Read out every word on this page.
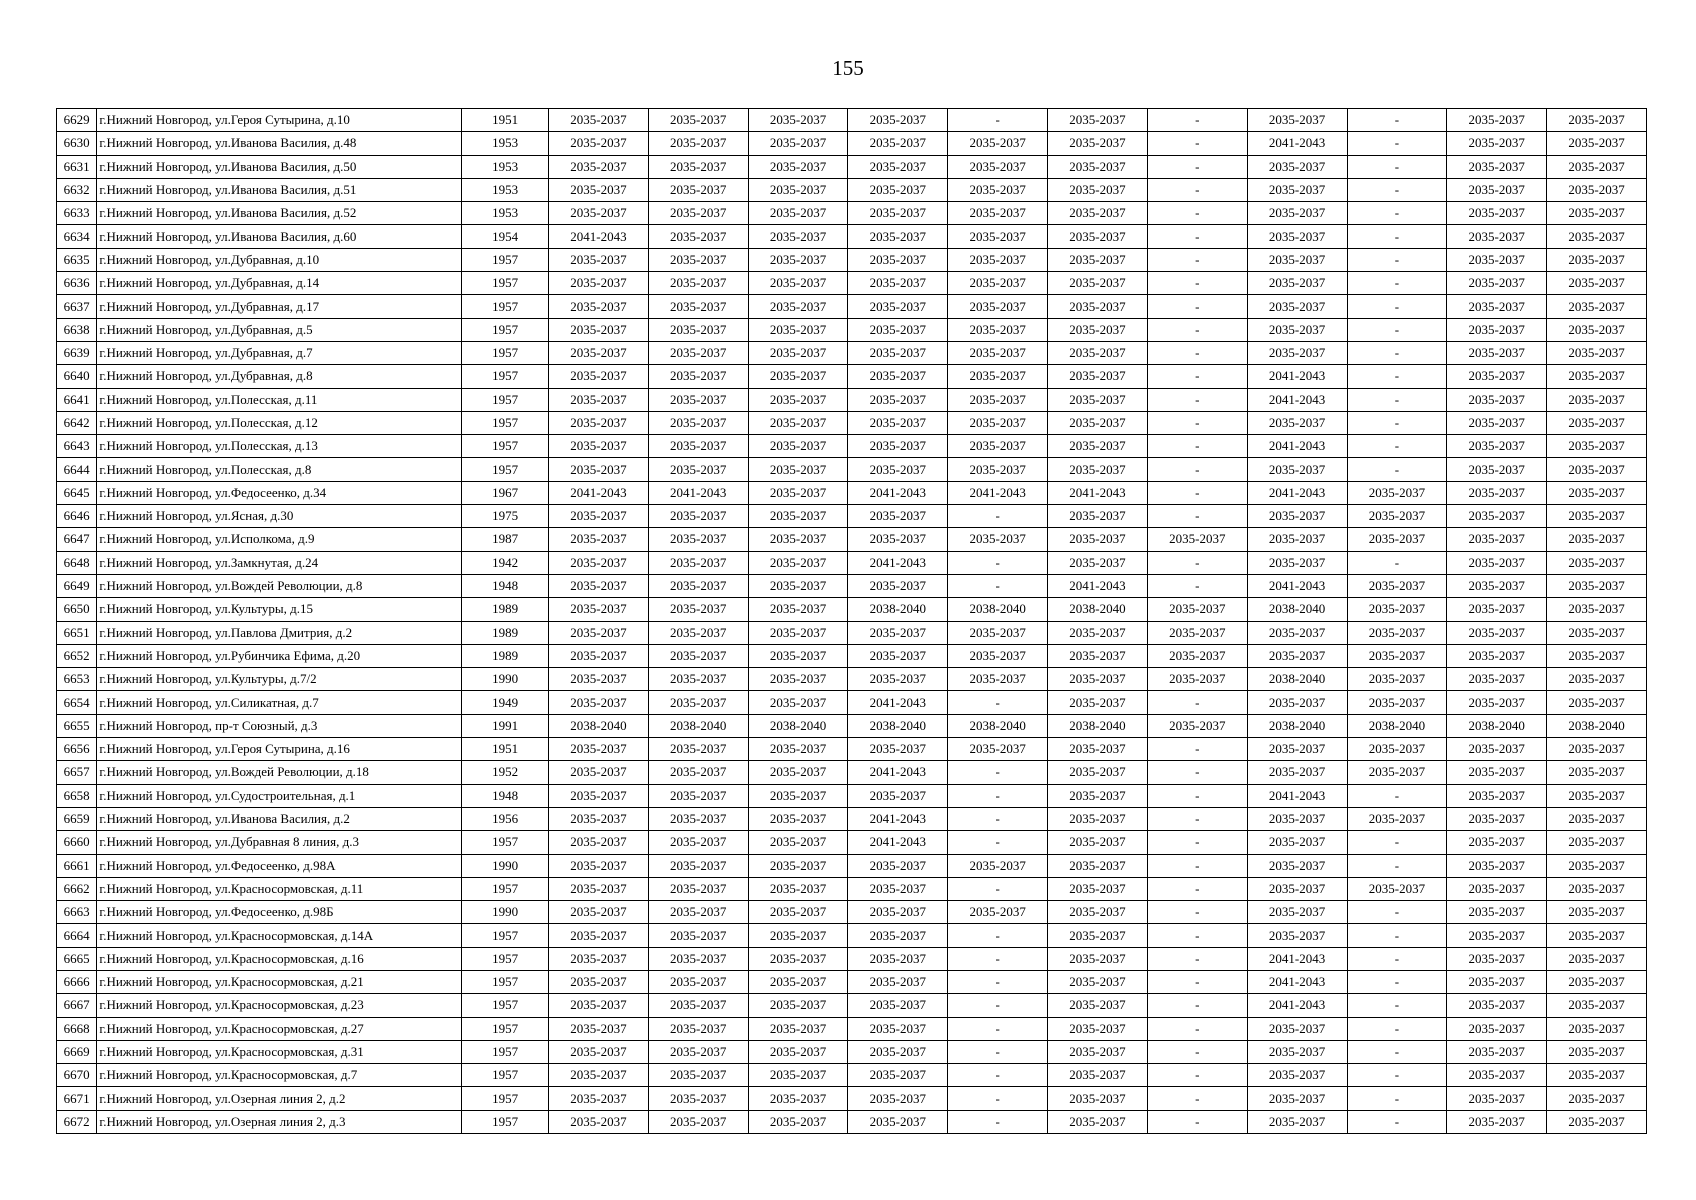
155
6629	г.Нижний Новгород, ул.Героя Сутырина, д.10	1951	2035-2037	2035-2037	2035-2037	2035-2037	-	2035-2037	-	2035-2037	-	2035-2037	2035-2037
6630	г.Нижний Новгород, ул.Иванова Василия, д.48	1953	2035-2037	2035-2037	2035-2037	2035-2037	2035-2037	2035-2037	-	2041-2043	-	2035-2037	2035-2037
6631	г.Нижний Новгород, ул.Иванова Василия, д.50	1953	2035-2037	2035-2037	2035-2037	2035-2037	2035-2037	2035-2037	-	2035-2037	-	2035-2037	2035-2037
6632	г.Нижний Новгород, ул.Иванова Василия, д.51	1953	2035-2037	2035-2037	2035-2037	2035-2037	2035-2037	2035-2037	-	2035-2037	-	2035-2037	2035-2037
6633	г.Нижний Новгород, ул.Иванова Василия, д.52	1953	2035-2037	2035-2037	2035-2037	2035-2037	2035-2037	2035-2037	-	2035-2037	-	2035-2037	2035-2037
6634	г.Нижний Новгород, ул.Иванова Василия, д.60	1954	2041-2043	2035-2037	2035-2037	2035-2037	2035-2037	2035-2037	-	2035-2037	-	2035-2037	2035-2037
6635	г.Нижний Новгород, ул.Дубравная, д.10	1957	2035-2037	2035-2037	2035-2037	2035-2037	2035-2037	2035-2037	-	2035-2037	-	2035-2037	2035-2037
6636	г.Нижний Новгород, ул.Дубравная, д.14	1957	2035-2037	2035-2037	2035-2037	2035-2037	2035-2037	2035-2037	-	2035-2037	-	2035-2037	2035-2037
6637	г.Нижний Новгород, ул.Дубравная, д.17	1957	2035-2037	2035-2037	2035-2037	2035-2037	2035-2037	2035-2037	-	2035-2037	-	2035-2037	2035-2037
6638	г.Нижний Новгород, ул.Дубравная, д.5	1957	2035-2037	2035-2037	2035-2037	2035-2037	2035-2037	2035-2037	-	2035-2037	-	2035-2037	2035-2037
6639	г.Нижний Новгород, ул.Дубравная, д.7	1957	2035-2037	2035-2037	2035-2037	2035-2037	2035-2037	2035-2037	-	2035-2037	-	2035-2037	2035-2037
6640	г.Нижний Новгород, ул.Дубравная, д.8	1957	2035-2037	2035-2037	2035-2037	2035-2037	2035-2037	2035-2037	-	2041-2043	-	2035-2037	2035-2037
6641	г.Нижний Новгород, ул.Полесская, д.11	1957	2035-2037	2035-2037	2035-2037	2035-2037	2035-2037	2035-2037	-	2041-2043	-	2035-2037	2035-2037
6642	г.Нижний Новгород, ул.Полесская, д.12	1957	2035-2037	2035-2037	2035-2037	2035-2037	2035-2037	2035-2037	-	2035-2037	-	2035-2037	2035-2037
6643	г.Нижний Новгород, ул.Полесская, д.13	1957	2035-2037	2035-2037	2035-2037	2035-2037	2035-2037	2035-2037	-	2041-2043	-	2035-2037	2035-2037
6644	г.Нижний Новгород, ул.Полесская, д.8	1957	2035-2037	2035-2037	2035-2037	2035-2037	2035-2037	2035-2037	-	2035-2037	-	2035-2037	2035-2037
6645	г.Нижний Новгород, ул.Федосеенко, д.34	1967	2041-2043	2041-2043	2035-2037	2041-2043	2041-2043	2041-2043	-	2041-2043	2035-2037	2035-2037	2035-2037
6646	г.Нижний Новгород, ул.Ясная, д.30	1975	2035-2037	2035-2037	2035-2037	2035-2037	-	2035-2037	-	2035-2037	2035-2037	2035-2037	2035-2037
6647	г.Нижний Новгород, ул.Исполкома, д.9	1987	2035-2037	2035-2037	2035-2037	2035-2037	2035-2037	2035-2037	2035-2037	2035-2037	2035-2037	2035-2037	2035-2037
6648	г.Нижний Новгород, ул.Замкнутая, д.24	1942	2035-2037	2035-2037	2035-2037	2041-2043	-	2035-2037	-	2035-2037	-	2035-2037	2035-2037
6649	г.Нижний Новгород, ул.Вождей Революции, д.8	1948	2035-2037	2035-2037	2035-2037	2035-2037	-	2041-2043	-	2041-2043	2035-2037	2035-2037	2035-2037
6650	г.Нижний Новгород, ул.Культуры, д.15	1989	2035-2037	2035-2037	2035-2037	2038-2040	2038-2040	2038-2040	2035-2037	2038-2040	2035-2037	2035-2037	2035-2037
6651	г.Нижний Новгород, ул.Павлова Дмитрия, д.2	1989	2035-2037	2035-2037	2035-2037	2035-2037	2035-2037	2035-2037	2035-2037	2035-2037	2035-2037	2035-2037	2035-2037
6652	г.Нижний Новгород, ул.Рубинчика Ефима, д.20	1989	2035-2037	2035-2037	2035-2037	2035-2037	2035-2037	2035-2037	2035-2037	2035-2037	2035-2037	2035-2037	2035-2037
6653	г.Нижний Новгород, ул.Культуры, д.7/2	1990	2035-2037	2035-2037	2035-2037	2035-2037	2035-2037	2035-2037	2035-2037	2038-2040	2035-2037	2035-2037	2035-2037
6654	г.Нижний Новгород, ул.Силикатная, д.7	1949	2035-2037	2035-2037	2035-2037	2041-2043	-	2035-2037	-	2035-2037	2035-2037	2035-2037	2035-2037
6655	г.Нижний Новгород, пр-т Союзный, д.3	1991	2038-2040	2038-2040	2038-2040	2038-2040	2038-2040	2038-2040	2035-2037	2038-2040	2038-2040	2038-2040	2038-2040
6656	г.Нижний Новгород, ул.Героя Сутырина, д.16	1951	2035-2037	2035-2037	2035-2037	2035-2037	2035-2037	2035-2037	-	2035-2037	2035-2037	2035-2037	2035-2037
6657	г.Нижний Новгород, ул.Вождей Революции, д.18	1952	2035-2037	2035-2037	2035-2037	2041-2043	-	2035-2037	-	2035-2037	2035-2037	2035-2037	2035-2037
6658	г.Нижний Новгород, ул.Судостроительная, д.1	1948	2035-2037	2035-2037	2035-2037	2035-2037	-	2035-2037	-	2041-2043	-	2035-2037	2035-2037
6659	г.Нижний Новгород, ул.Иванова Василия, д.2	1956	2035-2037	2035-2037	2035-2037	2041-2043	-	2035-2037	-	2035-2037	2035-2037	2035-2037	2035-2037
6660	г.Нижний Новгород, ул.Дубравная 8 линия, д.3	1957	2035-2037	2035-2037	2035-2037	2041-2043	-	2035-2037	-	2035-2037	-	2035-2037	2035-2037
6661	г.Нижний Новгород, ул.Федосеенко, д.98А	1990	2035-2037	2035-2037	2035-2037	2035-2037	2035-2037	2035-2037	-	2035-2037	-	2035-2037	2035-2037
6662	г.Нижний Новгород, ул.Красносормовская, д.11	1957	2035-2037	2035-2037	2035-2037	2035-2037	-	2035-2037	-	2035-2037	2035-2037	2035-2037	2035-2037
6663	г.Нижний Новгород, ул.Федосеенко, д.98Б	1990	2035-2037	2035-2037	2035-2037	2035-2037	2035-2037	2035-2037	-	2035-2037	-	2035-2037	2035-2037
6664	г.Нижний Новгород, ул.Красносормовская, д.14А	1957	2035-2037	2035-2037	2035-2037	2035-2037	-	2035-2037	-	2035-2037	-	2035-2037	2035-2037
6665	г.Нижний Новгород, ул.Красносормовская, д.16	1957	2035-2037	2035-2037	2035-2037	2035-2037	-	2035-2037	-	2041-2043	-	2035-2037	2035-2037
6666	г.Нижний Новгород, ул.Красносормовская, д.21	1957	2035-2037	2035-2037	2035-2037	2035-2037	-	2035-2037	-	2041-2043	-	2035-2037	2035-2037
6667	г.Нижний Новгород, ул.Красносормовская, д.23	1957	2035-2037	2035-2037	2035-2037	2035-2037	-	2035-2037	-	2041-2043	-	2035-2037	2035-2037
6668	г.Нижний Новгород, ул.Красносормовская, д.27	1957	2035-2037	2035-2037	2035-2037	2035-2037	-	2035-2037	-	2035-2037	-	2035-2037	2035-2037
6669	г.Нижний Новгород, ул.Красносормовская, д.31	1957	2035-2037	2035-2037	2035-2037	2035-2037	-	2035-2037	-	2035-2037	-	2035-2037	2035-2037
6670	г.Нижний Новгород, ул.Красносормовская, д.7	1957	2035-2037	2035-2037	2035-2037	2035-2037	-	2035-2037	-	2035-2037	-	2035-2037	2035-2037
6671	г.Нижний Новгород, ул.Озерная линия 2, д.2	1957	2035-2037	2035-2037	2035-2037	2035-2037	-	2035-2037	-	2035-2037	-	2035-2037	2035-2037
6672	г.Нижний Новгород, ул.Озерная линия 2, д.3	1957	2035-2037	2035-2037	2035-2037	2035-2037	-	2035-2037	-	2035-2037	-	2035-2037	2035-2037
